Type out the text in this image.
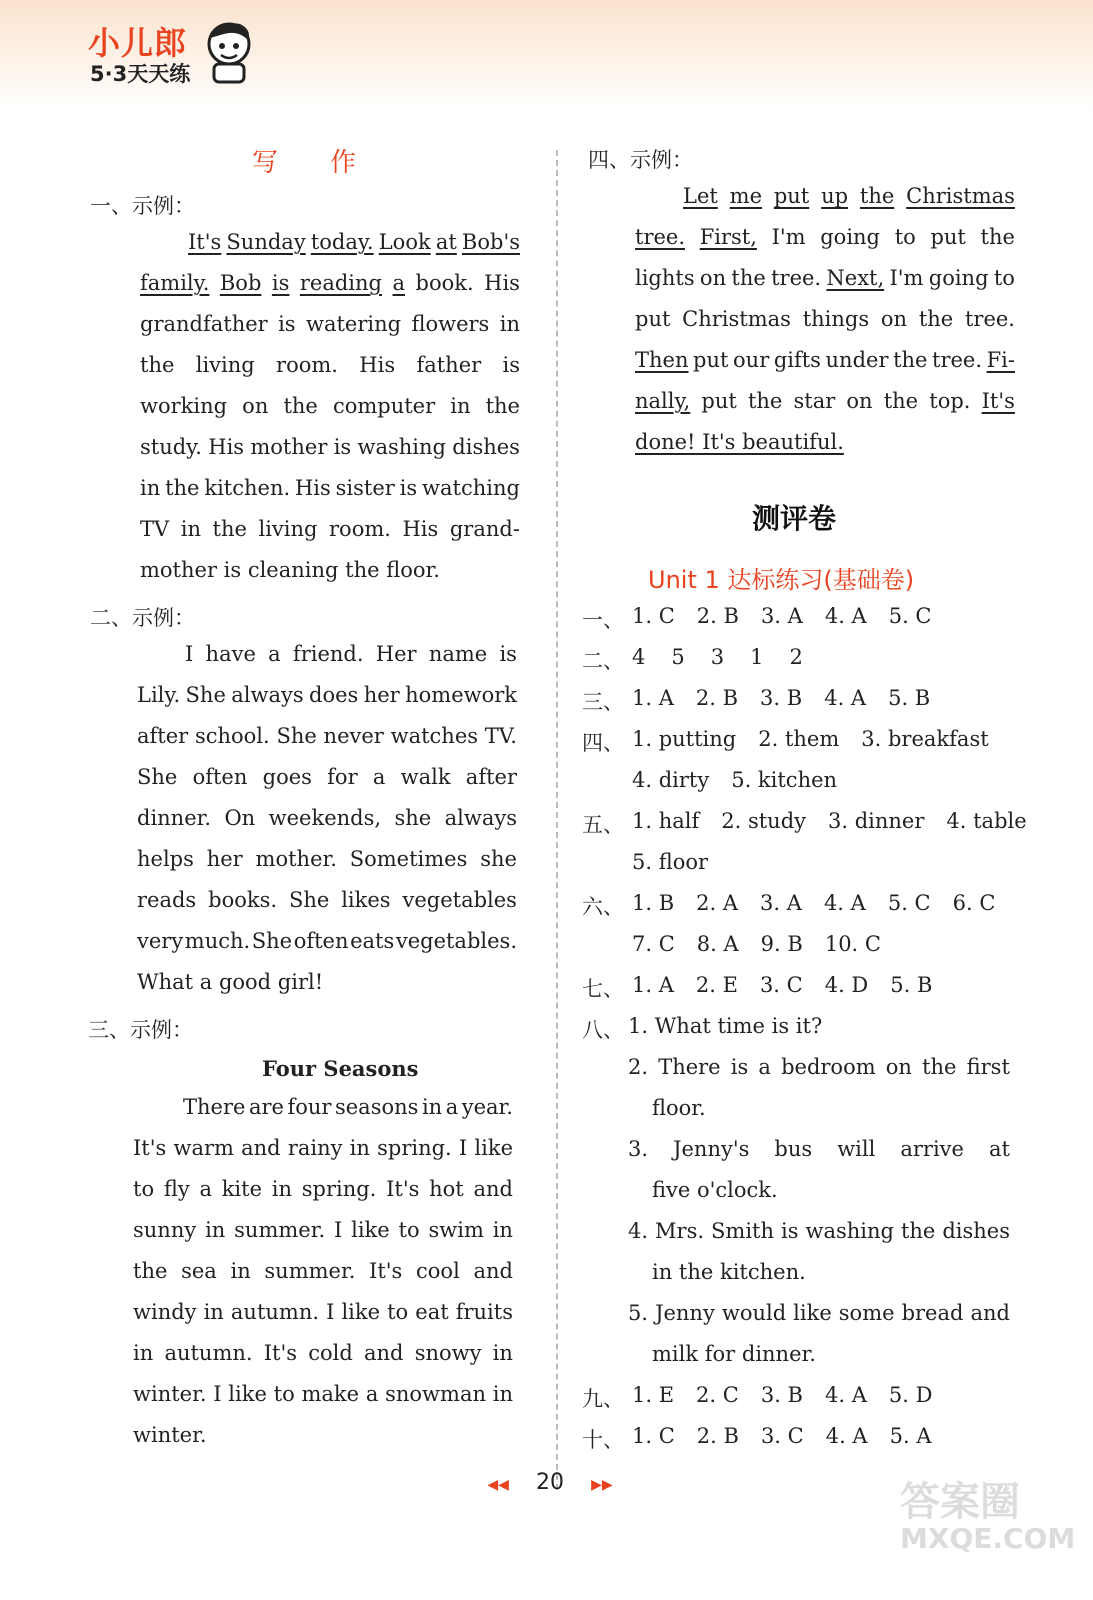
小儿郎
5·3天天练
写　　作
一、示例：
It's Sunday today. Look at Bob's
family. Bob is reading a book. His
grandfather is watering flowers in
the living room. His father is
working on the computer in the
study. His mother is washing dishes
in the kitchen. His sister is watching
TV in the living room. His grand-
mother is cleaning the floor.
二、示例：
I have a friend. Her name is
Lily. She always does her homework
after school. She never watches TV.
She often goes for a walk after
dinner. On weekends, she always
helps her mother. Sometimes she
reads books. She likes vegetables
very much. She often eats vegetables.
What a good girl!
三、示例：
Four Seasons
There are four seasons in a year.
It's warm and rainy in spring. I like
to fly a kite in spring. It's hot and
sunny in summer. I like to swim in
the sea in summer. It's cool and
windy in autumn. I like to eat fruits
in autumn. It's cold and snowy in
winter. I like to make a snowman in
winter.
四、示例：
Let me put up the Christmas
tree. First, I'm going to put the
lights on the tree. Next, I'm going to
put Christmas things on the tree.
Then put our gifts under the tree. Fi-
nally, put the star on the top. It's
done! It's beautiful.
测评卷
Unit 1 达标练习(基础卷)
一、 1. C 2. B 3. A 4. A 5. C
二、 4 5 3 1 2
三、 1. A 2. B 3. B 4. A 5. B
四、 1. putting 2. them 3. breakfast
4. dirty 5. kitchen
五、 1. half 2. study 3. dinner 4. table
5. floor
六、 1. B 2. A 3. A 4. A 5. C 6. C
7. C 8. A 9. B 10. C
七、 1. A 2. E 3. C 4. D 5. B
八、 1. What time is it?
2. There is a bedroom on the first
floor.
3. Jenny's bus will arrive at
five o'clock.
4. Mrs. Smith is washing the dishes
in the kitchen.
5. Jenny would like some bread and
milk for dinner.
九、 1. E 2. C 3. B 4. A 5. D
十、 1. C 2. B 3. C 4. A 5. A
◀◀ 20 ▶▶	答案圈
MXQE.COM
